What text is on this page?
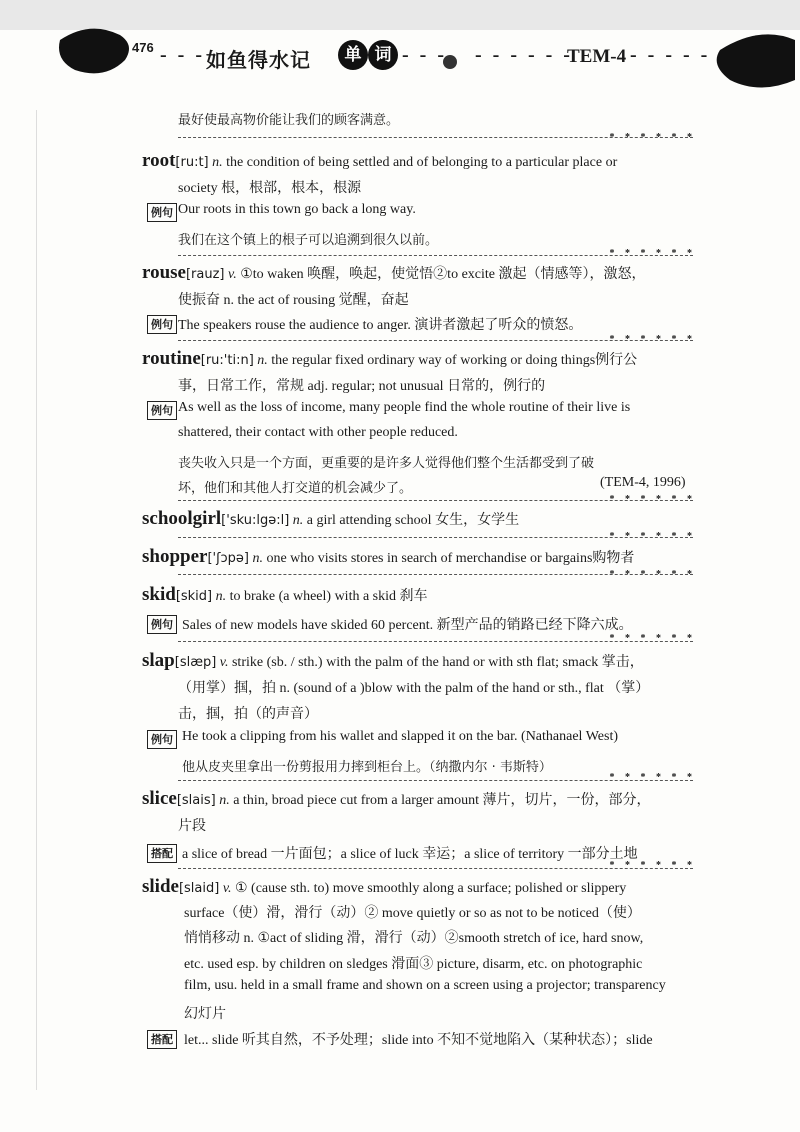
476 - - - 如鱼得水记	单 词 - - - - - - - - -
TEM-4 - - - - -
最好使最高物价能让我们的顾客满意。
* * * * * *
root[ru:t] n. the condition of being settled and of belonging to a particular place or
society 根，根部，根本，根源
例句 Our roots in this town go back a long way.
我们在这个镇上的根子可以追溯到很久以前。
* * * * * *
rouse[rauz] v. ①to waken 唤醒，唤起，使觉悟②to excite 激起（情感等），激怒，
使振奋 n. the act of rousing 觉醒，奋起
例句 The speakers rouse the audience to anger. 演讲者激起了听众的愤怒。
* * * * * *
routine[ru:'ti:n] n. the regular fixed ordinary way of working or doing things例行公
事，日常工作，常规 adj. regular; not unusual 日常的，例行的
例句 As well as the loss of income, many people find the whole routine of their live is
shattered, their contact with other people reduced.
丧失收入只是一个方面，更重要的是许多人觉得他们整个生活都受到了破
坏，他们和其他人打交道的机会减少了。	(TEM-4, 1996)
* * * * * *
schoolgirl['sku:lgə:l] n. a girl attending school 女生，女学生
* * * * * *
shopper['ʃɔpə] n. one who visits stores in search of merchandise or bargains购物者
* * * * * *
skid[skid] n. to brake (a wheel) with a skid 刹车
例句 Sales of new models have skided 60 percent. 新型产品的销路已经下降六成。
* * * * * *
slap[slæp] v. strike (sb. / sth.) with the palm of the hand or with sth flat; smack 掌击，
（用掌）掴，拍 n. (sound of a )blow with the palm of the hand or sth., flat （掌）
击，掴，拍（的声音）
例句 He took a clipping from his wallet and slapped it on the bar. (Nathanael West)
他从皮夹里拿出一份剪报用力摔到柜台上。（纳撒内尔 · 韦斯特）
* * * * * *
slice[slais] n. a thin, broad piece cut from a larger amount 薄片，切片，一份，部分，
片段
搭配 a slice of bread 一片面包；a slice of luck 幸运；a slice of territory 一部分土地
* * * * * *
slide[slaid] v. ① (cause sth. to) move smoothly along a surface; polished or slippery
surface（使）滑，滑行（动）② move quietly or so as not to be noticed（使）
悄悄移动 n. ①act of sliding 滑，滑行（动）②smooth stretch of ice, hard snow,
etc. used esp. by children on sledges 滑面③ picture, disarm, etc. on photographic
film, usu. held in a small frame and shown on a screen using a projector; transparency
幻灯片
搭配 let... slide 听其自然，不予处理；slide into 不知不觉地陷入（某种状态）；slide
